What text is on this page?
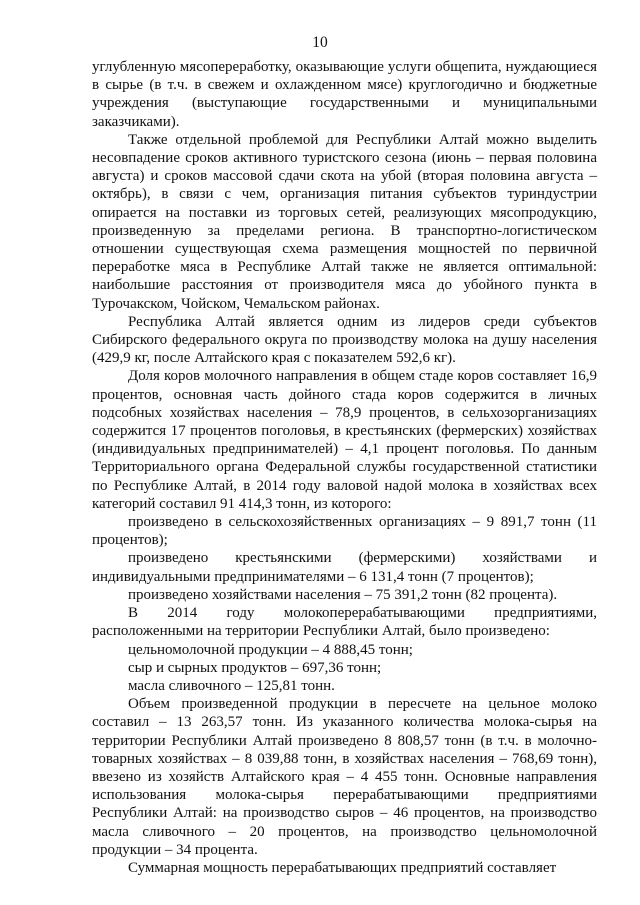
10

углубленную мясопереработку, оказывающие услуги общепита, нуждающиеся в сырье (в т.ч. в свежем и охлажденном мясе) круглогодично и бюджетные учреждения (выступающие государственными и муниципальными заказчиками).

Также отдельной проблемой для Республики Алтай можно выделить несовпадение сроков активного туристского сезона (июнь – первая половина августа) и сроков массовой сдачи скота на убой (вторая половина августа – октябрь), в связи с чем, организация питания субъектов туриндустрии опирается на поставки из торговых сетей, реализующих мясопродукцию, произведенную за пределами региона. В транспортно-логистическом отношении существующая схема размещения мощностей по первичной переработке мяса в Республике Алтай также не является оптимальной: наибольшие расстояния от производителя мяса до убойного пункта в Турочакском, Чойском, Чемальском районах.

Республика Алтай является одним из лидеров среди субъектов Сибирского федерального округа по производству молока на душу населения (429,9 кг, после Алтайского края с показателем 592,6 кг).

Доля коров молочного направления в общем стаде коров составляет 16,9 процентов, основная часть дойного стада коров содержится в личных подсобных хозяйствах населения – 78,9 процентов, в сельхозорганизациях содержится 17 процентов поголовья, в крестьянских (фермерских) хозяйствах (индивидуальных предпринимателей) – 4,1 процент поголовья. По данным Территориального органа Федеральной службы государственной статистики по Республике Алтай, в 2014 году валовой надой молока в хозяйствах всех категорий составил 91 414,3 тонн, из которого:

произведено в сельскохозяйственных организациях – 9 891,7 тонн (11 процентов);

произведено крестьянскими (фермерскими) хозяйствами и индивидуальными предпринимателями – 6 131,4 тонн (7 процентов);

произведено хозяйствами населения – 75 391,2 тонн (82 процента).

В 2014 году молокоперерабатывающими предприятиями, расположенными на территории Республики Алтай, было произведено:

цельномолочной продукции – 4 888,45 тонн;

сыр и сырных продуктов – 697,36 тонн;

масла сливочного – 125,81 тонн.

Объем произведенной продукции в пересчете на цельное молоко составил – 13 263,57 тонн. Из указанного количества молока-сырья на территории Республики Алтай произведено 8 808,57 тонн (в т.ч. в молочно-товарных хозяйствах – 8 039,88 тонн, в хозяйствах населения – 768,69 тонн), ввезено из хозяйств Алтайского края – 4 455 тонн. Основные направления использования молока-сырья перерабатывающими предприятиями Республики Алтай: на производство сыров – 46 процентов, на производство масла сливочного – 20 процентов, на производство цельномолочной продукции – 34 процента.

Суммарная мощность перерабатывающих предприятий составляет
